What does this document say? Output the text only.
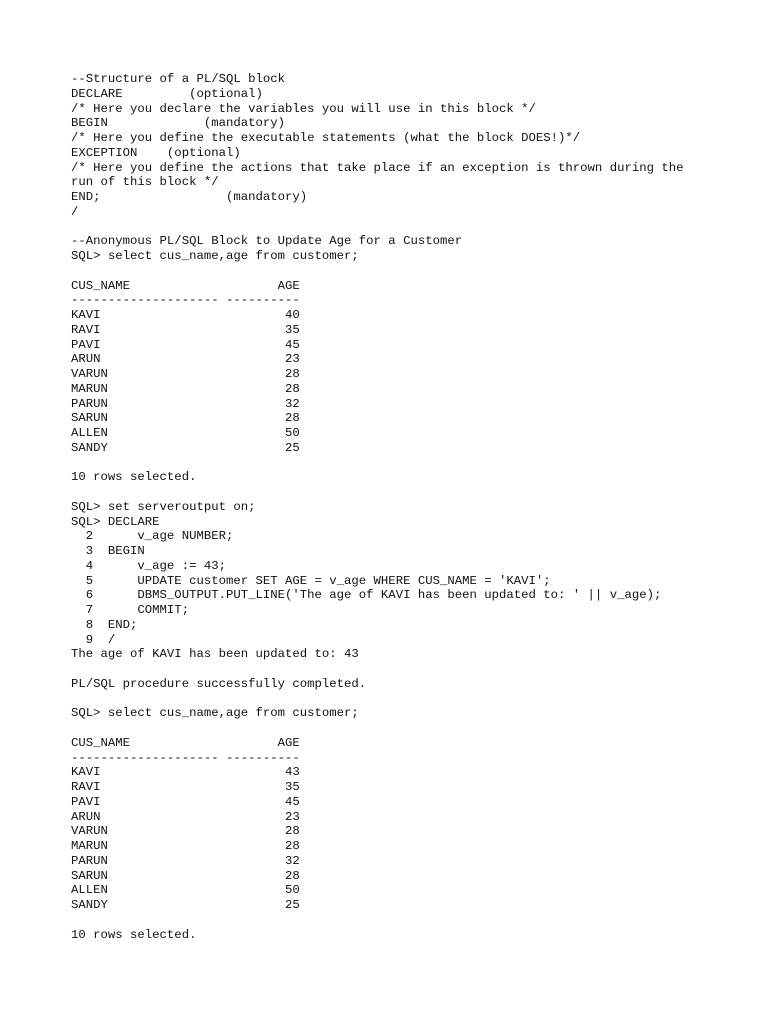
--Structure of a PL/SQL block
DECLARE         (optional)
/* Here you declare the variables you will use in this block */
BEGIN             (mandatory)
/* Here you define the executable statements (what the block DOES!)*/
EXCEPTION    (optional)
/* Here you define the actions that take place if an exception is thrown during the
run of this block */
END;                 (mandatory)
/
--Anonymous PL/SQL Block to Update Age for a Customer
SQL> select cus_name,age from customer;
CUS_NAME                    AGE
-------------------- ----------
KAVI                         40
RAVI                         35
PAVI                         45
ARUN                         23
VARUN                        28
MARUN                        28
PARUN                        32
SARUN                        28
ALLEN                        50
SANDY                        25
10 rows selected.
SQL> set serveroutput on;
SQL> DECLARE
2      v_age NUMBER;
3  BEGIN
4      v_age := 43;
5      UPDATE customer SET AGE = v_age WHERE CUS_NAME = 'KAVI';
6      DBMS_OUTPUT.PUT_LINE('The age of KAVI has been updated to: ' || v_age);
7      COMMIT;
8  END;
9  /
The age of KAVI has been updated to: 43
PL/SQL procedure successfully completed.
SQL> select cus_name,age from customer;
CUS_NAME                    AGE
-------------------- ----------
KAVI                         43
RAVI                         35
PAVI                         45
ARUN                         23
VARUN                        28
MARUN                        28
PARUN                        32
SARUN                        28
ALLEN                        50
SANDY                        25
10 rows selected.
